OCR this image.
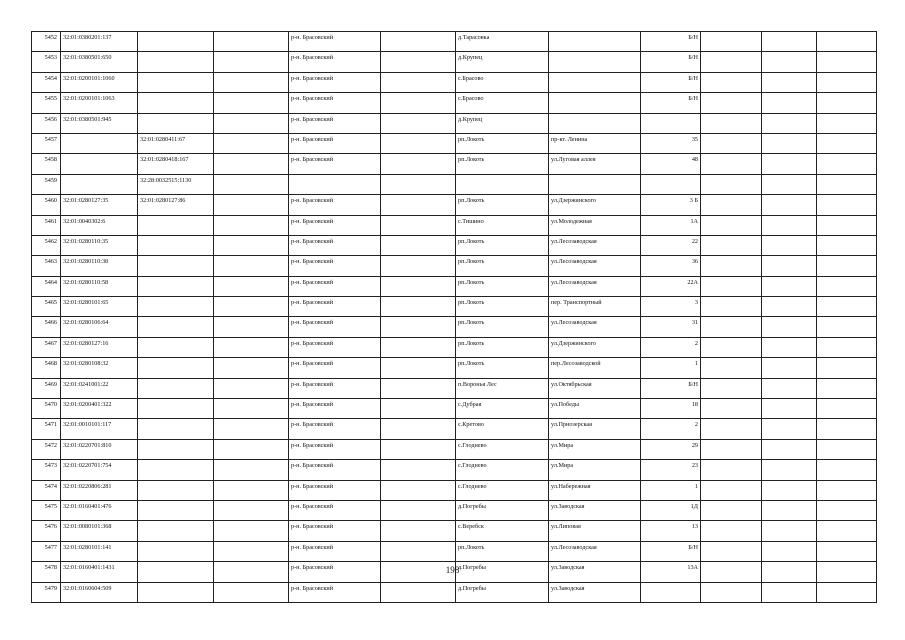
5452	32:01:0380201:137			р-н. Брасовский		д.Тарасовка		Б/Н			
5453	32:01:0380501:650			р-н. Брасовский		д.Крупец		Б/Н			
5454	32:01:0200101:1060			р-н. Брасовский		с.Брасово		Б/Н			
5455	32:01:0200101:1063			р-н. Брасовский		с.Брасово		Б/Н			
5456	32:01:0380501:945			р-н. Брасовский		д.Крупец					
5457		32:01:0280411:67		р-н. Брасовский		рп.Локоть	пр-кт. Ленина	35			
5458		32:01:0280418:167		р-н. Брасовский		рп.Локоть	ул.Луговая аллея	48			
5459		32:28:0032515:1130									
5460	32:01:0280127:35	32:01:0280127:86		р-н. Брасовский		рп.Локоть	ул.Дзержинского	3 Б			
5461	32:01:0040302:6			р-н. Брасовский		с.Тишино	ул.Молодежная	1А			
5462	32:01:0280110:35			р-н. Брасовский		рп.Локоть	ул.Лесозаводская	22			
5463	32:01:0280110:38			р-н. Брасовский		рп.Локоть	ул.Лесозаводская	36			
5464	32:01:0280110:58			р-н. Брасовский		рп.Локоть	ул.Лесозаводская	22А			
5465	32:01:0280101:65			р-н. Брасовский		рп.Локоть	пер. Транспортный	3			
5466	32:01:0280106:64			р-н. Брасовский		рп.Локоть	ул.Лесозаводская	31			
5467	32:01:0280127:16			р-н. Брасовский		рп.Локоть	ул.Дзержинского	2			
5468	32:01:0280108:32			р-н. Брасовский		рп.Локоть	пер.Лесозаводской	1			
5469	32:01:0241001:22			р-н. Брасовский		п.Воронья Лес	ул.Октябрьская	Б/Н			
5470	32:01:0200401:322			р-н. Брасовский		с.Дубрая	ул.Победы	18			
5471	32:01:0010101:117			р-н. Брасовский		с.Кретово	ул.Приозерская	2			
5472	32:01:0220701:810			р-н. Брасовский		с.Глоднево	ул.Мира	29			
5473	32:01:0220701:754			р-н. Брасовский		с.Глоднево	ул.Мира	23			
5474	32:01:0220806:281			р-н. Брасовский		с.Глоднево	ул.Набережная	1			
5475	32:01:0160401:476			р-н. Брасовский		д.Погребы	ул.Заводская	1Д			
5476	32:01:0080101:368			р-н. Брасовский		с.Веребск	ул.Липовая	13			
5477	32:01:0280101:141			р-н. Брасовский		рп.Локоть	ул.Лесозаводская	Б/Н			
5478	32:01:0160401:1431			р-н. Брасовский		д.Погребы	ул.Заводская	13А			
5479	32:01:0160604:509			р-н. Брасовский		д.Погребы	ул.Заводская				
198
